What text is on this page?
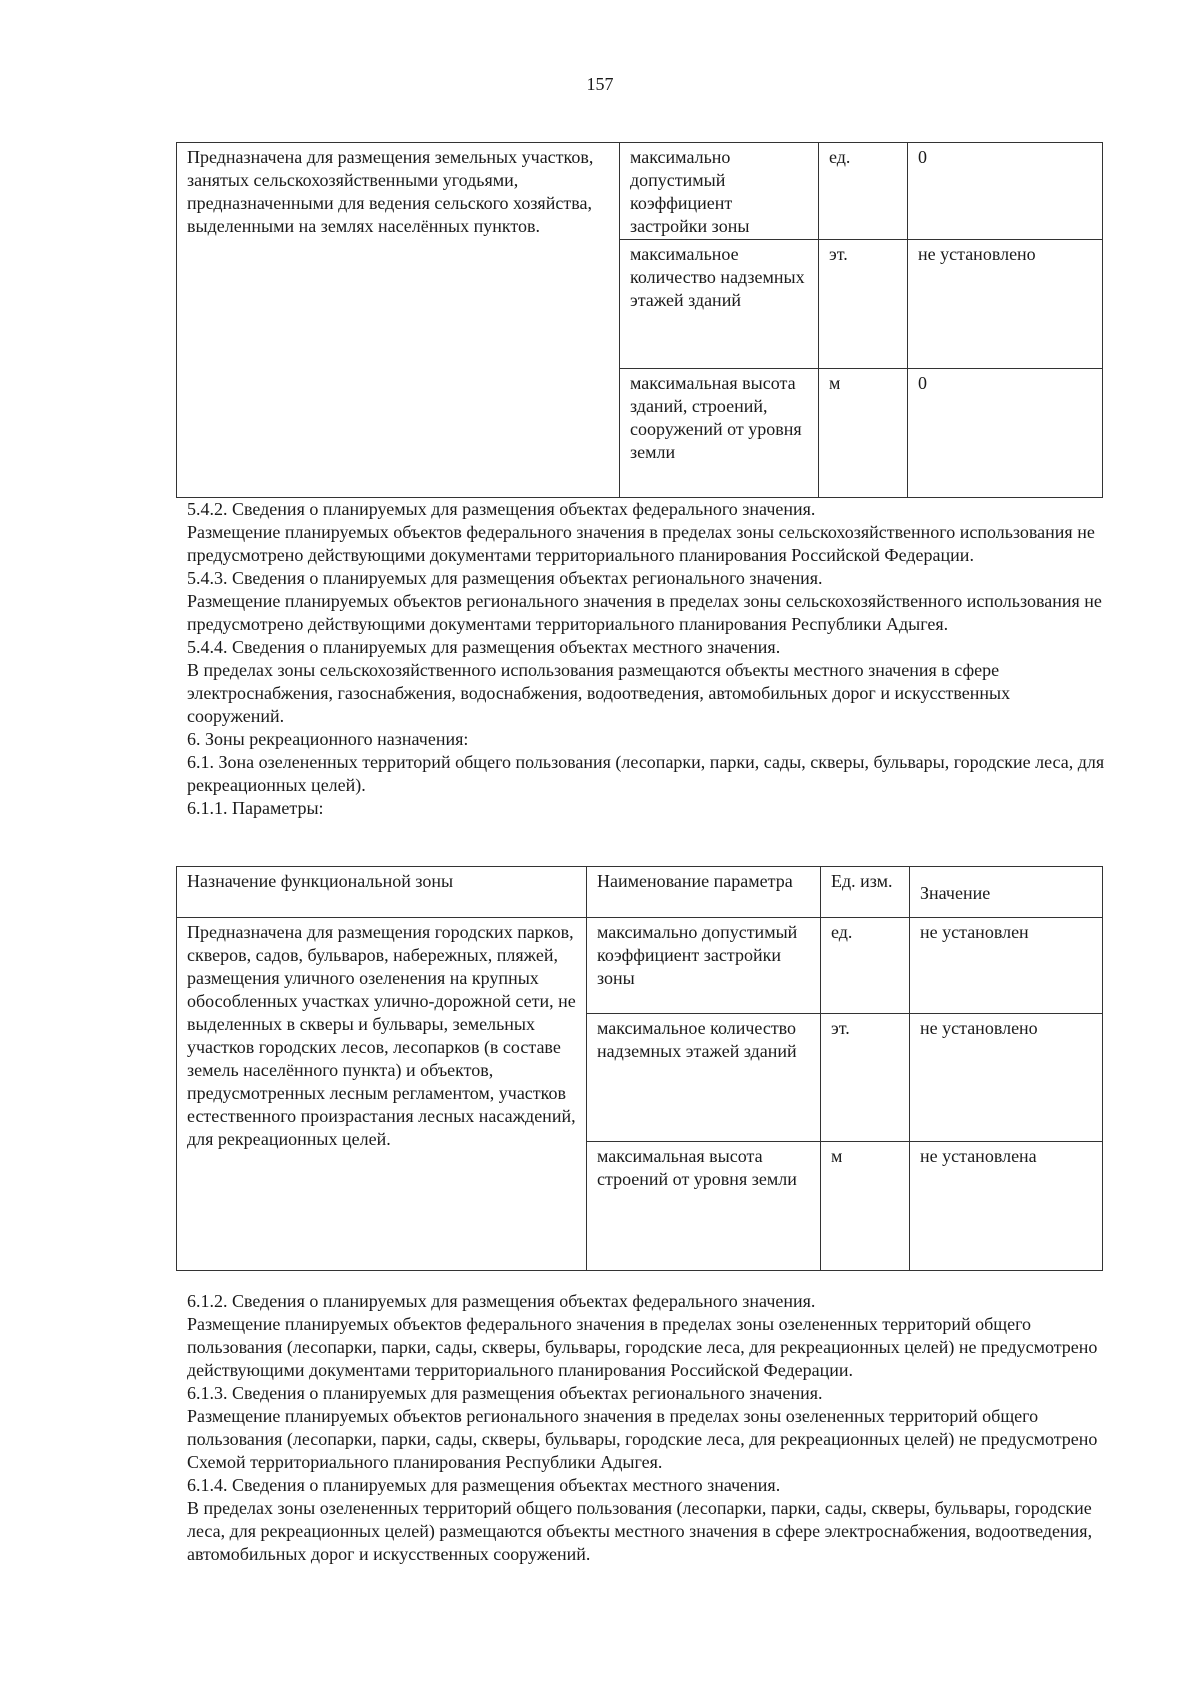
157
Предназначена для размещения земельных участков, занятых сельскохозяйственными угодьями, предназначенными для ведения сельского хозяйства, выделенными на землях населённых пунктов.	максимально допустимый коэффициент застройки зоны	ед.	0
	максимальное количество надземных этажей зданий	эт.	не установлено
	максимальная высота зданий, строений, сооружений от уровня земли	м	0

5.4.2. Сведения о планируемых для размещения объектах федерального значения.

Размещение планируемых объектов федерального значения в пределах зоны сельскохозяйственного использования не предусмотрено действующими документами территориального планирования Российской Федерации.

5.4.3. Сведения о планируемых для размещения объектах регионального значения.

Размещение планируемых объектов регионального значения в пределах зоны сельскохозяйственного использования не предусмотрено действующими документами территориального планирования Республики Адыгея.

5.4.4. Сведения о планируемых для размещения объектах местного значения.

В пределах зоны сельскохозяйственного использования размещаются объекты местного значения в сфере электроснабжения, газоснабжения, водоснабжения, водоотведения, автомобильных дорог и искусственных сооружений.

6. Зоны рекреационного назначения:

6.1. Зона озелененных территорий общего пользования (лесопарки, парки, сады, скверы, бульвары, городские леса, для рекреационных целей).

6.1.1. Параметры:

Назначение функциональной зоны	Наименование параметра	Ед. изм.	Значение
Предназначена для размещения городских парков, скверов, садов, бульваров, набережных, пляжей, размещения уличного озеленения на крупных обособленных участках улично-дорожной сети, не выделенных в скверы и бульвары, земельных участков городских лесов, лесопарков (в составе земель населённого пункта) и объектов, предусмотренных лесным регламентом, участков естественного произрастания лесных насаждений, для рекреационных целей.	максимально допустимый коэффициент застройки зоны	ед.	не установлен
	максимальное количество надземных этажей зданий	эт.	не установлено
	максимальная высота строений от уровня земли	м	не установлена

6.1.2. Сведения о планируемых для размещения объектах федерального значения.

Размещение планируемых объектов федерального значения в пределах зоны озелененных территорий общего пользования (лесопарки, парки, сады, скверы, бульвары, городские леса, для рекреационных целей) не предусмотрено действующими документами территориального планирования Российской Федерации.

6.1.3. Сведения о планируемых для размещения объектах регионального значения.

Размещение планируемых объектов регионального значения в пределах зоны озелененных территорий общего пользования (лесопарки, парки, сады, скверы, бульвары, городские леса, для рекреационных целей) не предусмотрено Схемой территориального планирования Республики Адыгея.

6.1.4. Сведения о планируемых для размещения объектах местного значения.

В пределах зоны озелененных территорий общего пользования (лесопарки, парки, сады, скверы, бульвары, городские леса, для рекреационных целей) размещаются объекты местного значения в сфере электроснабжения, водоотведения, автомобильных дорог и искусственных сооружений.
